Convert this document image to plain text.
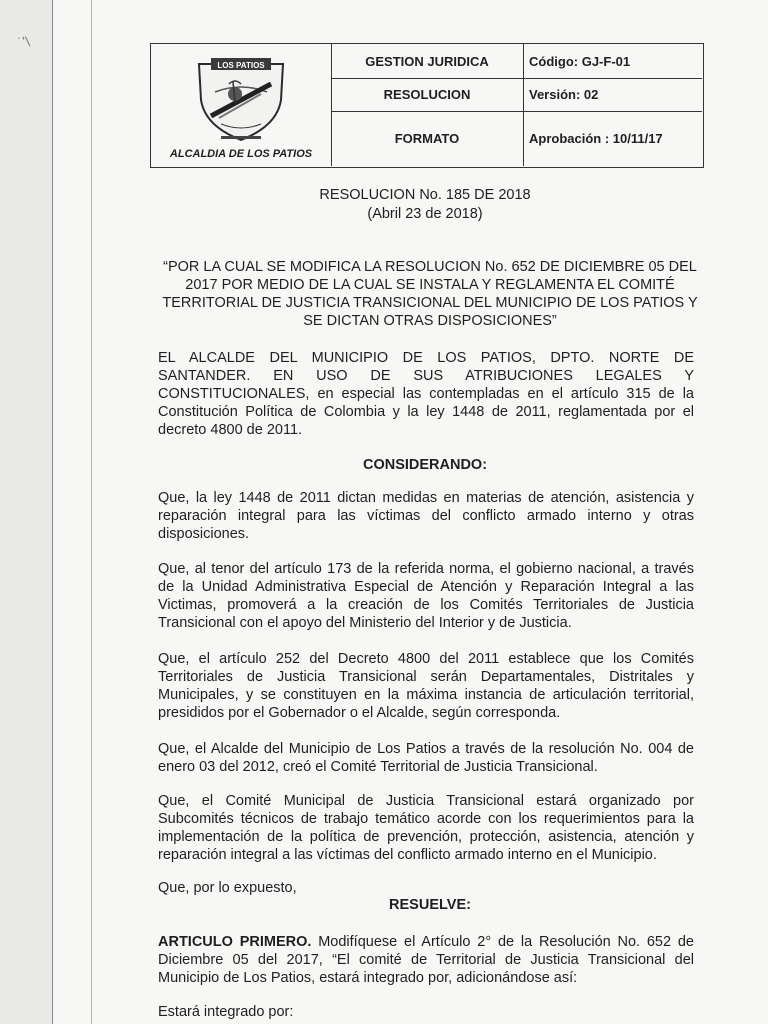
˙ʼ\
LOS PATIOS
ALCALDIA DE LOS PATIOS
GESTION JURIDICA	Código: GJ-F-01
RESOLUCION	Versión: 02
FORMATO	Aprobación : 10/11/17
RESOLUCION No. 185 DE 2018
(Abril 23 de 2018)
“POR LA CUAL SE MODIFICA LA RESOLUCION No. 652 DE DICIEMBRE 05 DEL 2017 POR MEDIO DE LA CUAL SE INSTALA Y REGLAMENTA EL COMITÉ TERRITORIAL DE JUSTICIA TRANSICIONAL DEL MUNICIPIO DE LOS PATIOS Y SE DICTAN OTRAS DISPOSICIONES”
EL ALCALDE DEL MUNICIPIO DE LOS PATIOS, DPTO. NORTE DE SANTANDER. EN USO DE SUS ATRIBUCIONES LEGALES Y CONSTITUCIONALES, en especial las contempladas en el artículo 315 de la Constitución Política de Colombia y la ley 1448 de 2011, reglamentada por el decreto 4800 de 2011.
CONSIDERANDO:
Que, la ley 1448 de 2011 dictan medidas en materias de atención, asistencia y reparación integral para las víctimas del conflicto armado interno y otras disposiciones.
Que, al tenor del artículo 173 de la referida norma, el gobierno nacional, a través de la Unidad Administrativa Especial de Atención y Reparación Integral a las Victimas, promoverá a la creación de los Comités Territoriales de Justicia Transicional con el apoyo del Ministerio del Interior y de Justicia.
Que, el artículo 252 del Decreto 4800 del 2011 establece que los Comités Territoriales de Justicia Transicional serán Departamentales, Distritales y Municipales, y se constituyen en la máxima instancia de articulación territorial, presididos por el Gobernador o el Alcalde, según corresponda.
Que, el Alcalde del Municipio de Los Patios a través de la resolución No. 004 de enero 03 del 2012, creó el Comité Territorial de Justicia Transicional.
Que, el Comité Municipal de Justicia Transicional estará organizado por Subcomités técnicos de trabajo temático acorde con los requerimientos para la implementación de la política de prevención, protección, asistencia, atención y reparación integral a las víctimas del conflicto armado interno en el Municipio.
Que, por lo expuesto,
RESUELVE:
ARTICULO PRIMERO. Modifíquese el Artículo 2° de la Resolución No. 652 de Diciembre 05 del 2017, “El comité de Territorial de Justicia Transicional del Municipio de Los Patios, estará integrado por, adicionándose así:
Estará integrado por:
